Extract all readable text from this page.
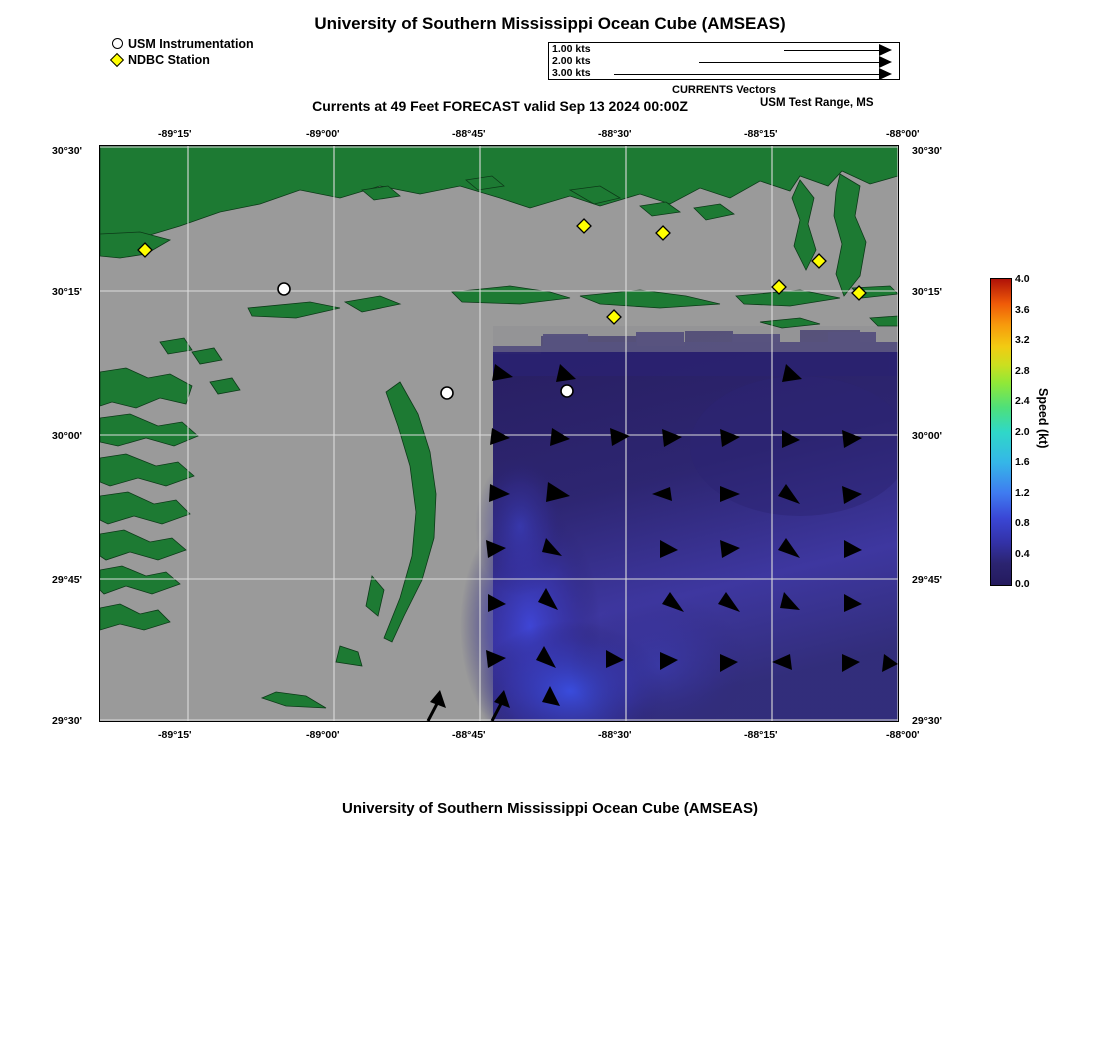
University of Southern Mississippi Ocean Cube (AMSEAS)
USM Instrumentation
NDBC Station
1.00 kts
2.00 kts
3.00 kts
CURRENTS Vectors
Currents at 49 Feet FORECAST valid Sep 13 2024 00:00Z	USM Test Range, MS
-89°15'	-89°00'	-88°45'	-88°30'	-88°15'	-88°00'
-89°15'	-89°00'	-88°45'	-88°30'	-88°15'	-88°00'
30°30'
30°15'
30°00'
29°45'
29°30'
30°30'
30°15'
30°00'
29°45'
29°30'
4.0
3.6
3.2
2.8
2.4
2.0
1.6
1.2
0.8
0.4
0.0
Speed (kt)
University of Southern Mississippi Ocean Cube (AMSEAS)
